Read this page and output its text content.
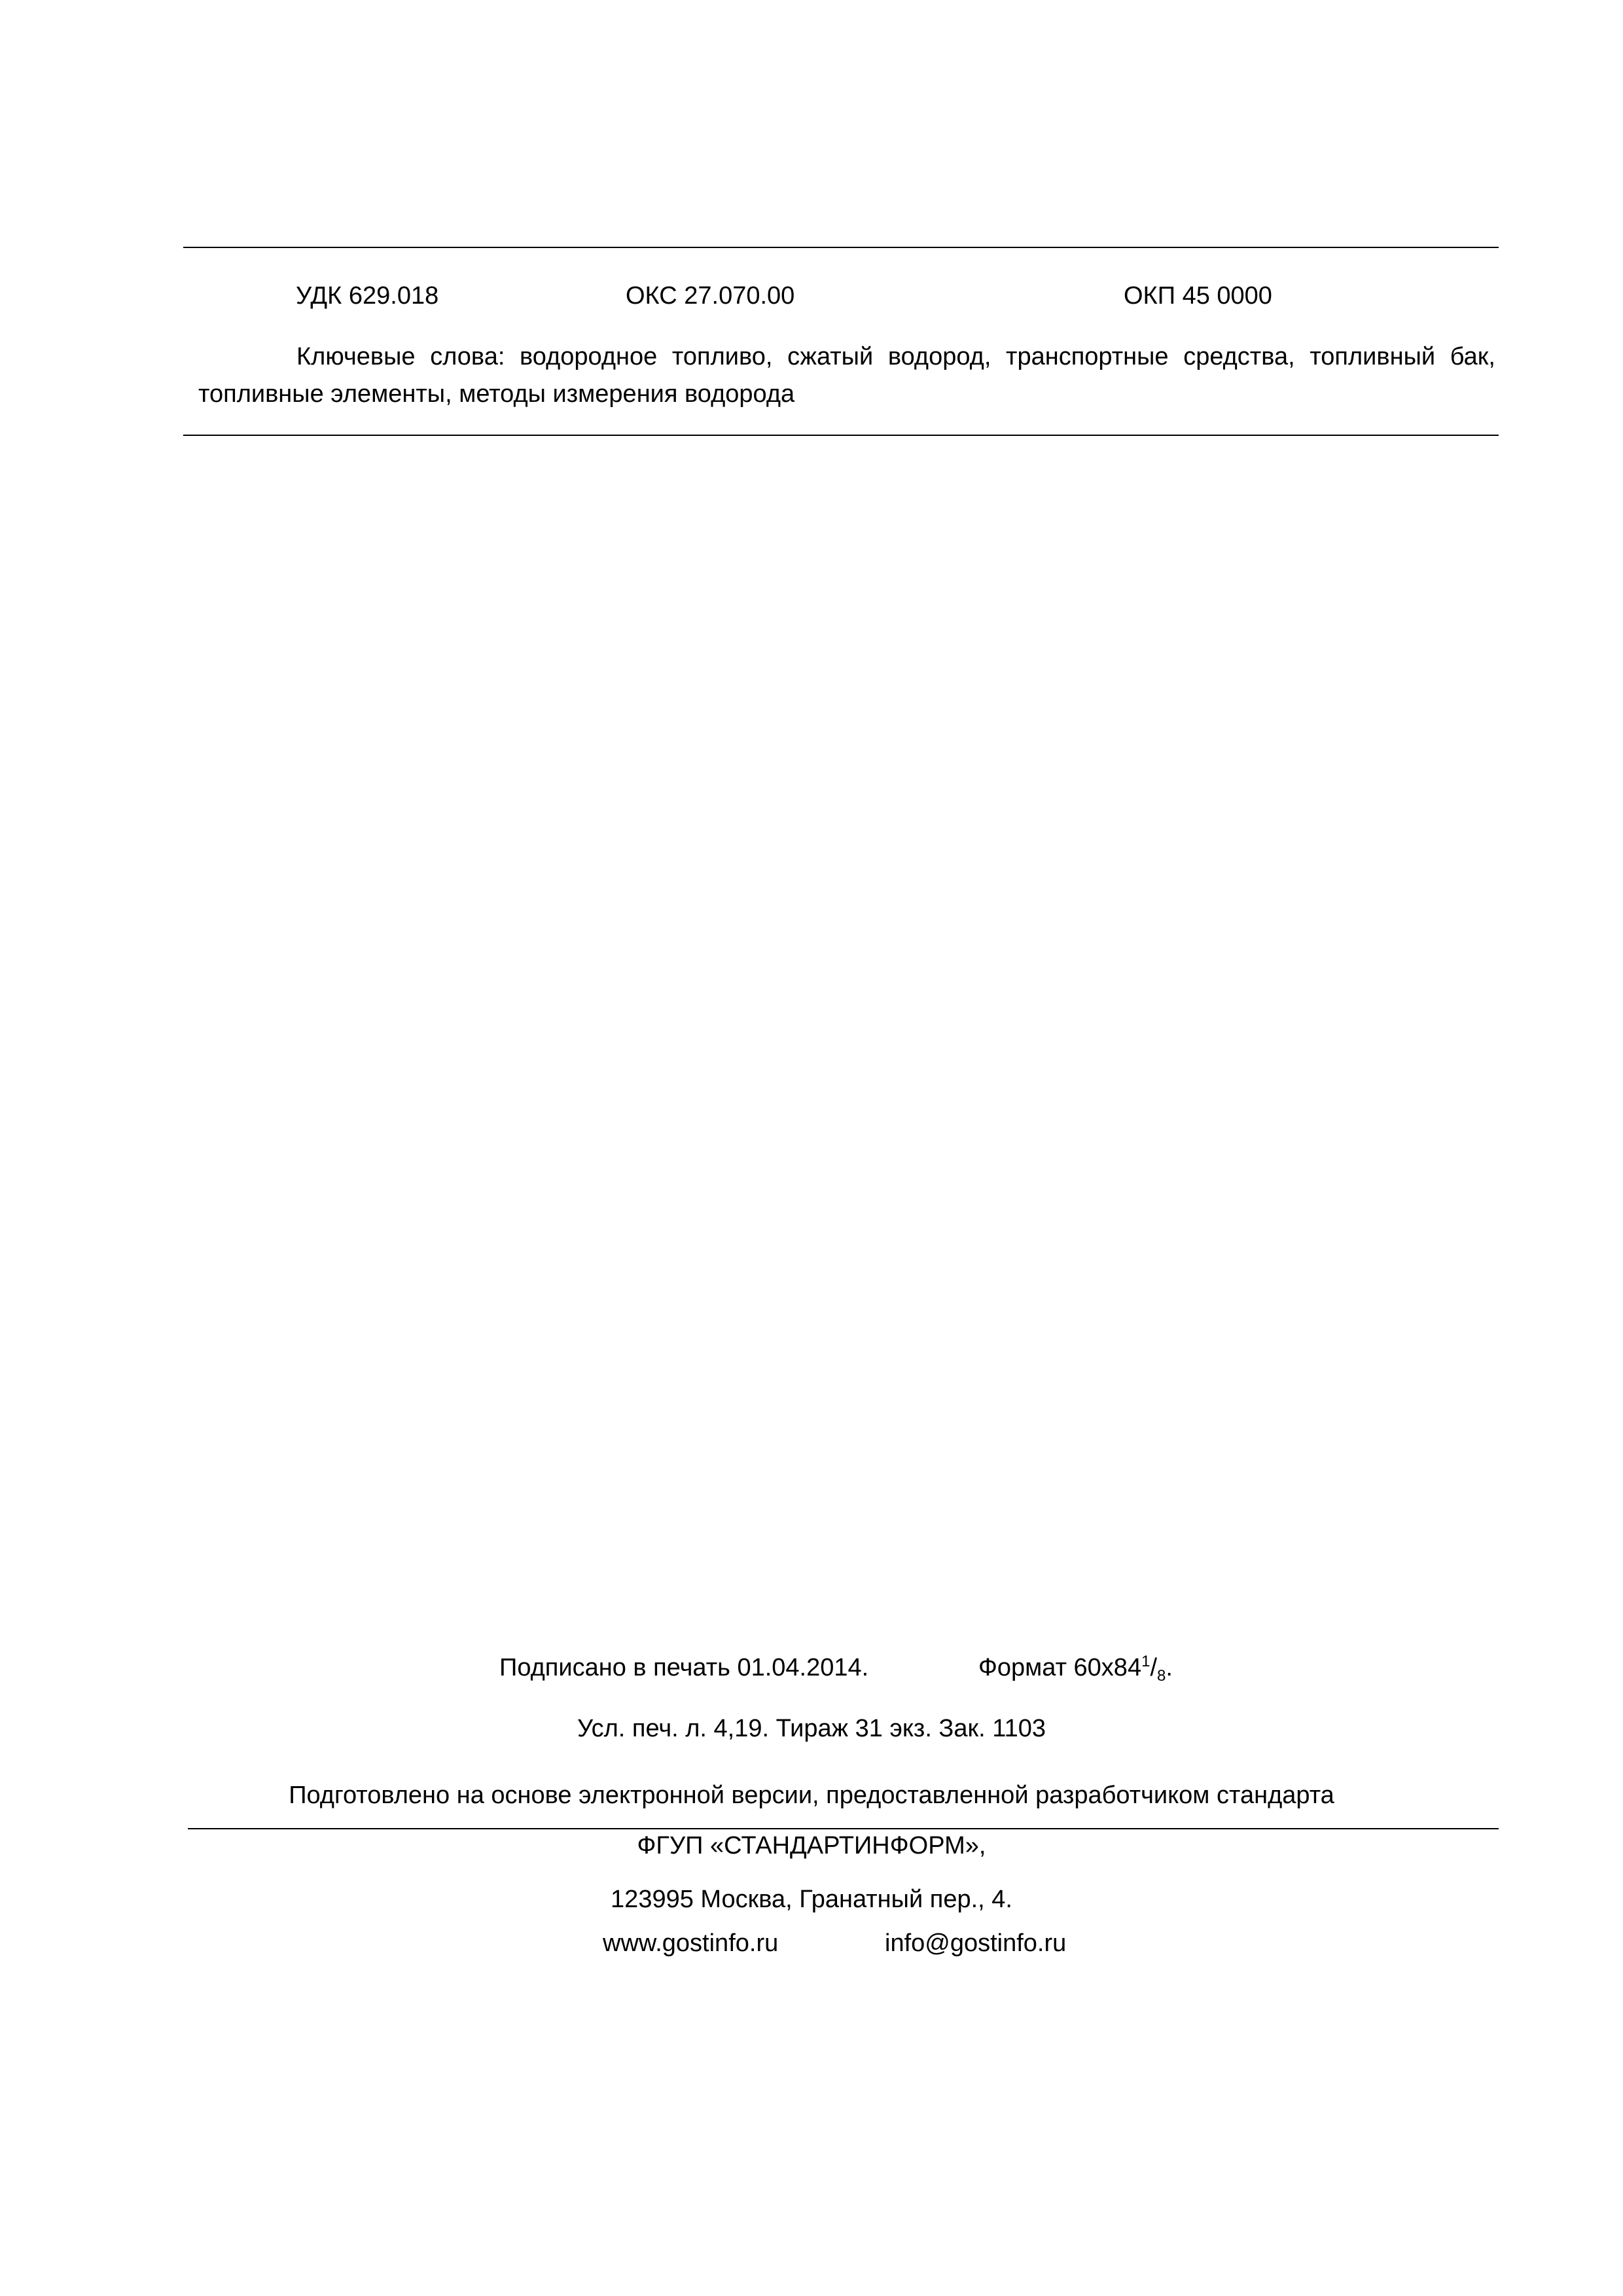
УДК 629.018	ОКС 27.070.00	ОКП 45 0000
Ключевые слова: водородное топливо, сжатый водород, транспортные средства, топливный бак, топливные элементы, методы измерения водорода
Подписано в печать 01.04.2014.	Формат $60х84^1/_8$.
Усл. печ. л. 4,19. Тираж 31 экз. Зак. 1103
Подготовлено на основе электронной версии, предоставленной разработчиком стандарта
ФГУП «СТАНДАРТИНФОРМ»,
123995 Москва, Гранатный пер., 4.
www.gostinfo.ru	info@gostinfo.ru
